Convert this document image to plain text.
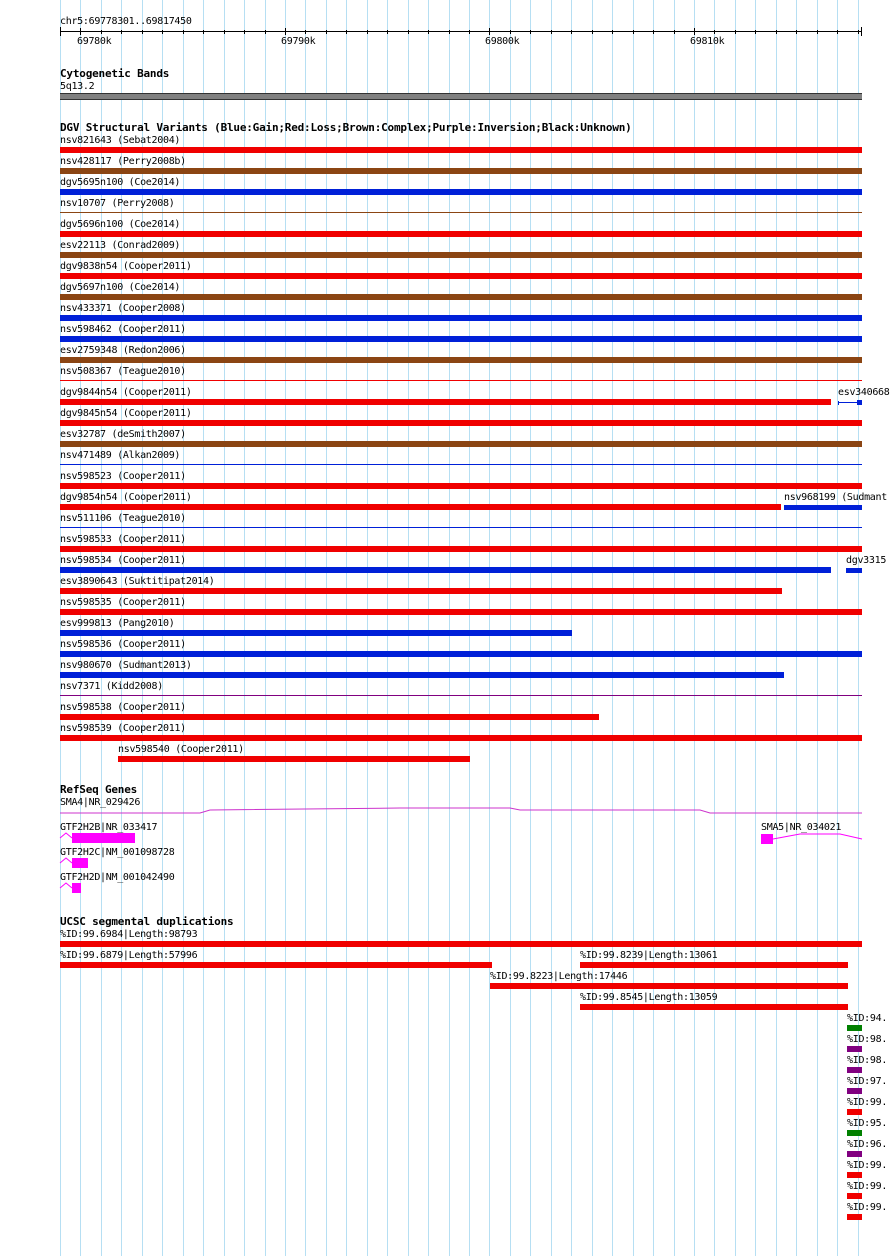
chr5:69778301..69817450
69780k	69790k	69800k	69810k
Cytogenetic Bands
5q13.2
DGV Structural Variants (Blue:Gain;Red:Loss;Brown:Complex;Purple:Inversion;Black:Unknown)
nsv821643 (Sebat2004)
nsv428117 (Perry2008b)
dgv5695n100 (Coe2014)
nsv10707 (Perry2008)
dgv5696n100 (Coe2014)
esv22113 (Conrad2009)
dgv9838n54 (Cooper2011)
dgv5697n100 (Coe2014)
nsv433371 (Cooper2008)
nsv598462 (Cooper2011)
esv2759348 (Redon2006)
nsv508367 (Teague2010)
dgv9844n54 (Cooper2011)
dgv9845n54 (Cooper2011)
esv32787 (deSmith2007)
nsv471489 (Alkan2009)
nsv598523 (Cooper2011)
dgv9854n54 (Cooper2011)
nsv511106 (Teague2010)
nsv598533 (Cooper2011)
nsv598534 (Cooper2011)
esv3890643 (Suktitipat2014)
nsv598535 (Cooper2011)
esv999813 (Pang2010)
nsv598536 (Cooper2011)
nsv980670 (Sudmant2013)
nsv7371 (Kidd2008)
nsv598538 (Cooper2011)
nsv598539 (Cooper2011)
nsv598540 (Cooper2011)
esv340668
nsv968199 (Sudmant
dgv3315
RefSeq Genes
SMA4|NR_029426
GTF2H2B|NR_033417	SMA5|NR_034021
GTF2H2C|NM_001098728
GTF2H2D|NM_001042490
UCSC segmental duplications
%ID:99.6984|Length:98793
%ID:99.6879|Length:57996	%ID:99.8239|Length:13061
%ID:99.8223|Length:17446
%ID:99.8545|Length:13059
%ID:94.
%ID:98.
%ID:98.
%ID:97.
%ID:99.
%ID:95.
%ID:96.
%ID:99.
%ID:99.
%ID:99.
